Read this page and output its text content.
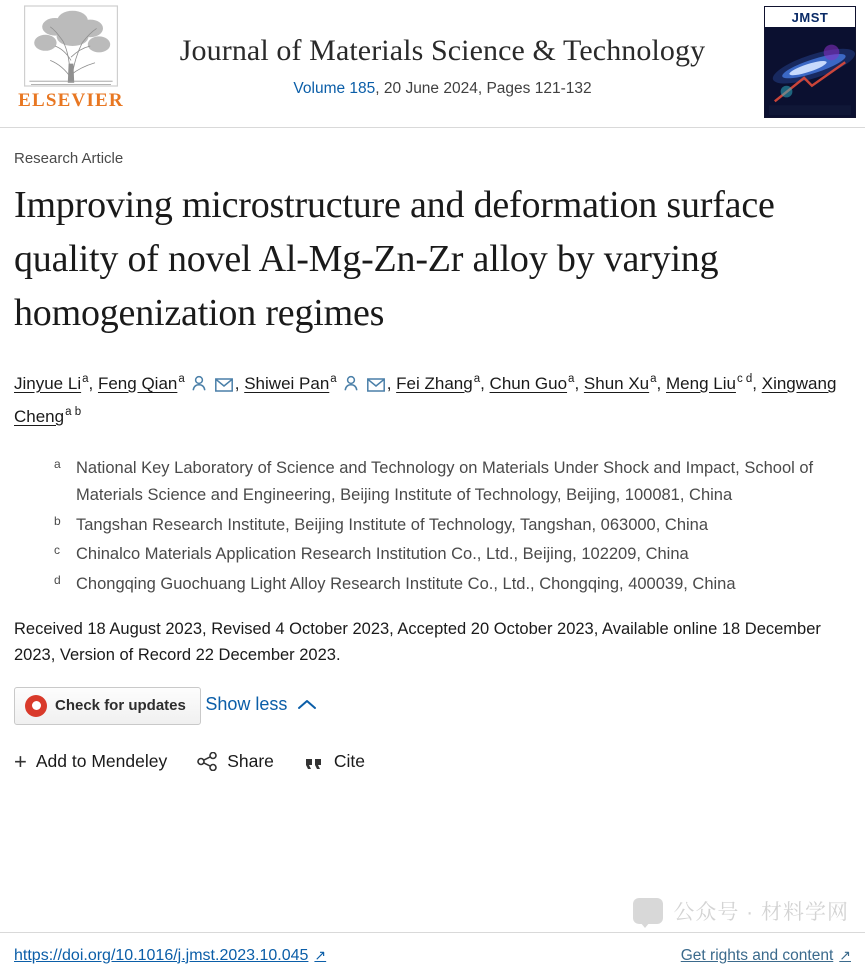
ELSEVIER
Journal of Materials Science & Technology
Volume 185, 20 June 2024, Pages 121-132
JMST
Research Article
Improving microstructure and deformation surface quality of novel Al-Mg-Zn-Zr alloy by varying homogenization regimes
Jinyue Li$^a$, Feng Qian$^a$	, Shiwei Pan$^a$	, Fei Zhang$^a$, Chun Guo$^a$, Shun Xu$^a$, Meng Liu$^{c d}$, Xingwang Cheng$^{a b}$
a National Key Laboratory of Science and Technology on Materials Under Shock and Impact, School of Materials Science and Engineering, Beijing Institute of Technology, Beijing, 100081, China
b Tangshan Research Institute, Beijing Institute of Technology, Tangshan, 063000, China
c Chinalco Materials Application Research Institution Co., Ltd., Beijing, 102209, China
d Chongqing Guochuang Light Alloy Research Institute Co., Ltd., Chongqing, 400039, China
Received 18 August 2023, Revised 4 October 2023, Accepted 20 October 2023, Available online 18 December 2023, Version of Record 22 December 2023.
Check for updates
Show less
+ Add to Mendeley	Share	Cite
公众号 · 材料学网
https://doi.org/10.1016/j.jmst.2023.10.045 ↗	Get rights and content ↗
